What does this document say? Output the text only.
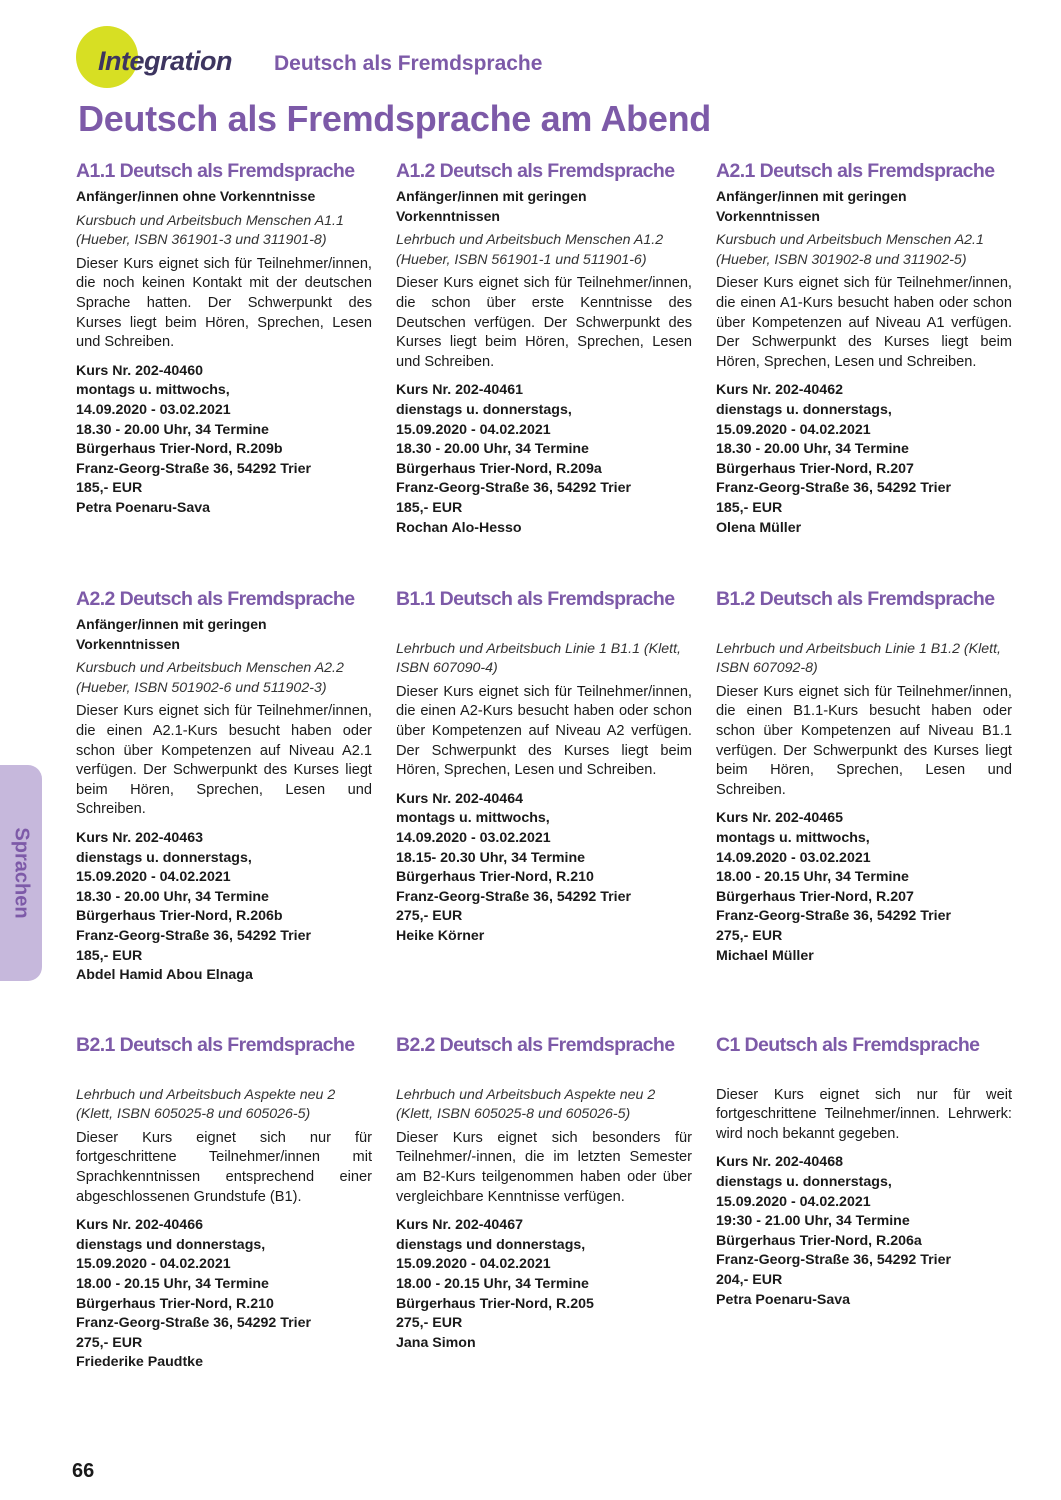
Integration Deutsch als Fremdsprache
Deutsch als Fremdsprache am Abend
Sprachen
66
A1.1 Deutsch als Fremdsprache
Anfänger/innen ohne Vorkenntnisse
Kursbuch und Arbeitsbuch Menschen A1.1 (Hueber, ISBN 361901-3 und 311901-8)
Dieser Kurs eignet sich für Teilnehmer/innen, die noch keinen Kontakt mit der deutschen Sprache hatten. Der Schwerpunkt des Kurses liegt beim Hören, Sprechen, Lesen und Schreiben.
Kurs Nr. 202-40460
montags u. mittwochs,
14.09.2020 - 03.02.2021
18.30 - 20.00 Uhr, 34 Termine
Bürgerhaus Trier-Nord, R.209b
Franz-Georg-Straße 36, 54292 Trier
185,- EUR
Petra Poenaru-Sava
A1.2 Deutsch als Fremdsprache
Anfänger/innen mit geringen Vorkenntnissen
Lehrbuch und Arbeitsbuch Menschen A1.2 (Hueber, ISBN 561901-1 und 511901-6)
Dieser Kurs eignet sich für Teilnehmer/innen, die schon über erste Kenntnisse des Deutschen verfügen. Der Schwerpunkt des Kurses liegt beim Hören, Sprechen, Lesen und Schreiben.
Kurs Nr. 202-40461
dienstags u. donnerstags,
15.09.2020 - 04.02.2021
18.30 - 20.00 Uhr, 34 Termine
Bürgerhaus Trier-Nord, R.209a
Franz-Georg-Straße 36, 54292 Trier
185,- EUR
Rochan Alo-Hesso
A2.1 Deutsch als Fremdsprache
Anfänger/innen mit geringen Vorkenntnissen
Kursbuch und Arbeitsbuch Menschen A2.1 (Hueber, ISBN 301902-8 und 311902-5)
Dieser Kurs eignet sich für Teilnehmer/innen, die einen A1-Kurs besucht haben oder schon über Kompetenzen auf Niveau A1 verfügen. Der Schwerpunkt des Kurses liegt beim Hören, Sprechen, Lesen und Schreiben.
Kurs Nr. 202-40462
dienstags u. donnerstags,
15.09.2020 - 04.02.2021
18.30 - 20.00 Uhr, 34 Termine
Bürgerhaus Trier-Nord, R.207
Franz-Georg-Straße 36, 54292 Trier
185,- EUR
Olena Müller
A2.2 Deutsch als Fremdsprache
Anfänger/innen mit geringen Vorkenntnissen
Kursbuch und Arbeitsbuch Menschen A2.2 (Hueber, ISBN 501902-6 und 511902-3)
Dieser Kurs eignet sich für Teilnehmer/innen, die einen A2.1-Kurs besucht haben oder schon über Kompetenzen auf Niveau A2.1 verfügen. Der Schwerpunkt des Kurses liegt beim Hören, Sprechen, Lesen und Schreiben.
Kurs Nr. 202-40463
dienstags u. donnerstags,
15.09.2020 - 04.02.2021
18.30 - 20.00 Uhr, 34 Termine
Bürgerhaus Trier-Nord, R.206b
Franz-Georg-Straße 36, 54292 Trier
185,- EUR
Abdel Hamid Abou Elnaga
B1.1 Deutsch als Fremdsprache
Lehrbuch und Arbeitsbuch Linie 1 B1.1 (Klett, ISBN 607090-4)
Dieser Kurs eignet sich für Teilnehmer/innen, die einen A2-Kurs besucht haben oder schon über Kompetenzen auf Niveau A2 verfügen. Der Schwerpunkt des Kurses liegt beim Hören, Sprechen, Lesen und Schreiben.
Kurs Nr. 202-40464
montags u. mittwochs,
14.09.2020 - 03.02.2021
18.15- 20.30 Uhr, 34 Termine
Bürgerhaus Trier-Nord, R.210
Franz-Georg-Straße 36, 54292 Trier
275,- EUR
Heike Körner
B1.2 Deutsch als Fremdsprache
Lehrbuch und Arbeitsbuch Linie 1 B1.2 (Klett, ISBN 607092-8)
Dieser Kurs eignet sich für Teilnehmer/innen, die einen B1.1-Kurs besucht haben oder schon über Kompetenzen auf Niveau B1.1 verfügen. Der Schwerpunkt des Kurses liegt beim Hören, Sprechen, Lesen und Schreiben.
Kurs Nr. 202-40465
montags u. mittwochs,
14.09.2020 - 03.02.2021
18.00 - 20.15 Uhr, 34 Termine
Bürgerhaus Trier-Nord, R.207
Franz-Georg-Straße 36, 54292 Trier
275,- EUR
Michael Müller
B2.1 Deutsch als Fremdsprache
Lehrbuch und Arbeitsbuch Aspekte neu 2 (Klett, ISBN 605025-8 und 605026-5)
Dieser Kurs eignet sich nur für fortgeschrittene Teilnehmer/innen mit Sprachkenntnissen entsprechend einer abgeschlossenen Grundstufe (B1).
Kurs Nr. 202-40466
dienstags und donnerstags,
15.09.2020 - 04.02.2021
18.00 - 20.15 Uhr, 34 Termine
Bürgerhaus Trier-Nord, R.210
Franz-Georg-Straße 36, 54292 Trier
275,- EUR
Friederike Paudtke
B2.2 Deutsch als Fremdsprache
Lehrbuch und Arbeitsbuch Aspekte neu 2 (Klett, ISBN 605025-8 und 605026-5)
Dieser Kurs eignet sich besonders für Teilnehmer/-innen, die im letzten Semester am B2-Kurs teilgenommen haben oder über vergleichbare Kenntnisse verfügen.
Kurs Nr. 202-40467
dienstags und donnerstags,
15.09.2020 - 04.02.2021
18.00 - 20.15 Uhr, 34 Termine
Bürgerhaus Trier-Nord, R.205
275,- EUR
Jana Simon
C1 Deutsch als Fremdsprache
Dieser Kurs eignet sich nur für weit fortgeschrittene Teilnehmer/innen. Lehrwerk: wird noch bekannt gegeben.
Kurs Nr. 202-40468
dienstags u. donnerstags,
15.09.2020 - 04.02.2021
19:30 - 21.00 Uhr, 34 Termine
Bürgerhaus Trier-Nord, R.206a
Franz-Georg-Straße 36, 54292 Trier
204,- EUR
Petra Poenaru-Sava
